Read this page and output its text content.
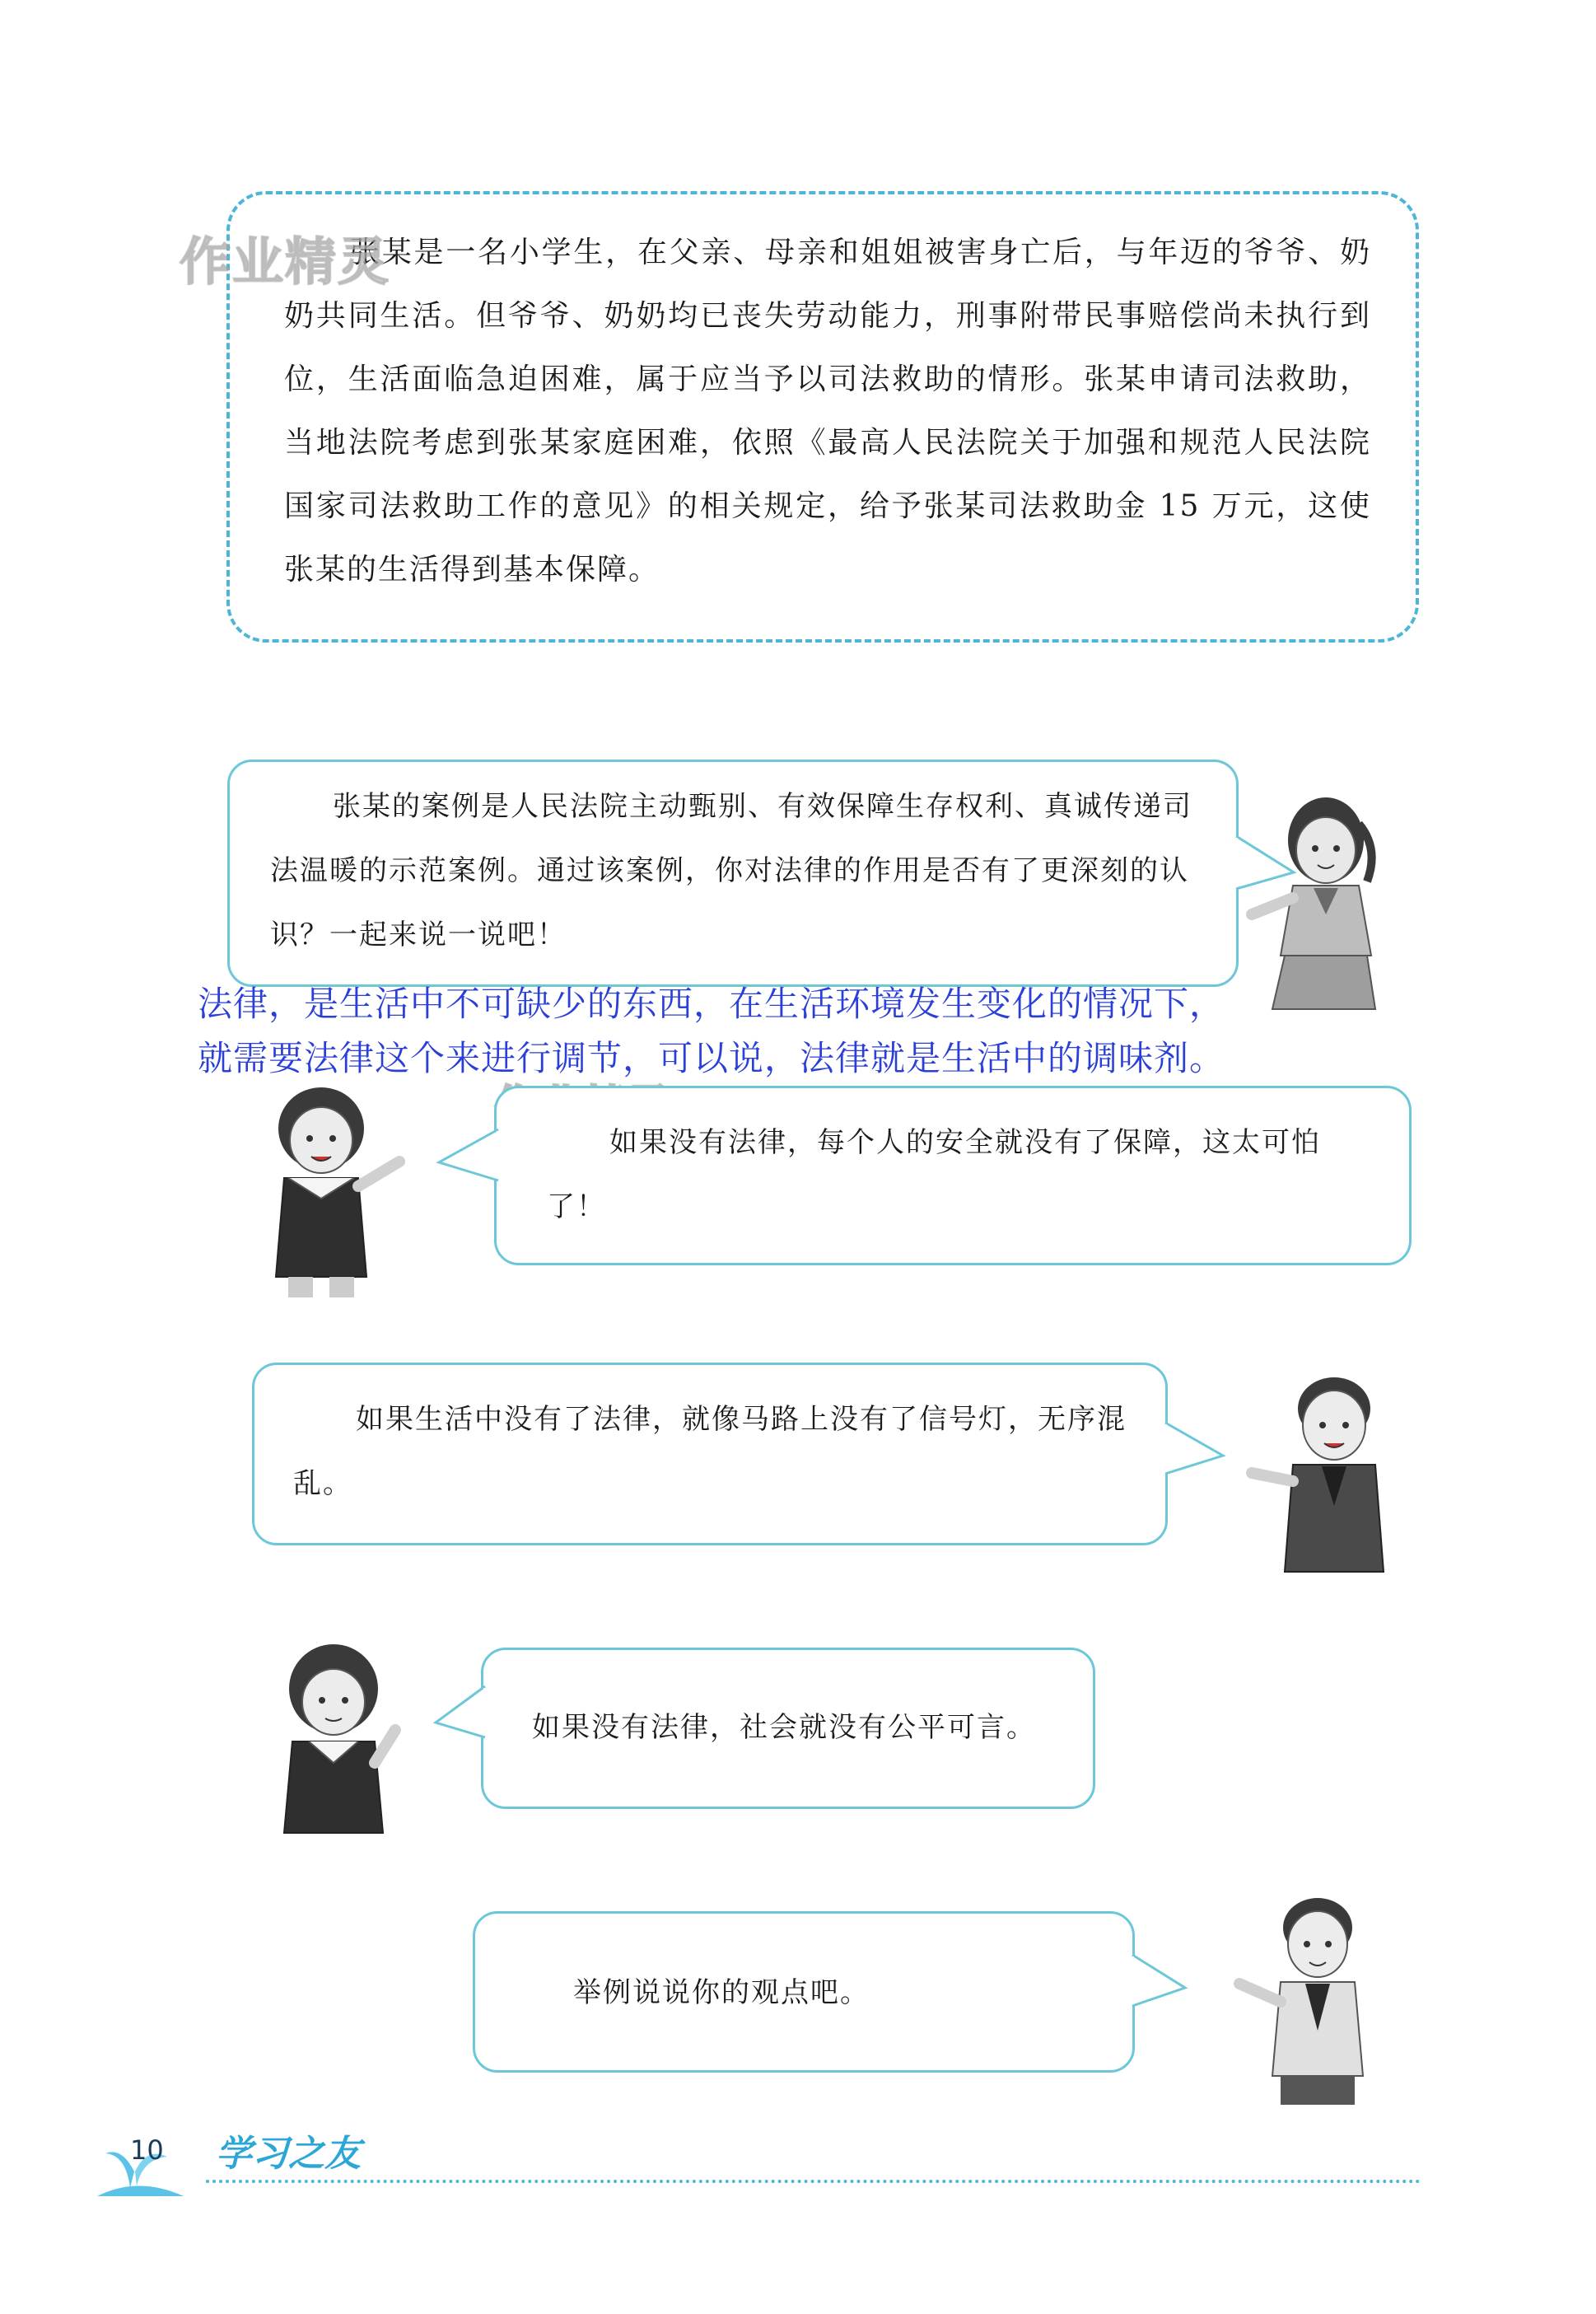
张某是一名小学生，在父亲、母亲和姐姐被害身亡后，与年迈的爷爷、奶奶共同生活。但爷爷、奶奶均已丧失劳动能力，刑事附带民事赔偿尚未执行到位，生活面临急迫困难，属于应当予以司法救助的情形。张某申请司法救助，当地法院考虑到张某家庭困难，依照《最高人民法院关于加强和规范人民法院国家司法救助工作的意见》的相关规定，给予张某司法救助金 15 万元，这使张某的生活得到基本保障。

作业精灵

张某的案例是人民法院主动甄别、有效保障生存权利、真诚传递司法温暖的示范案例。通过该案例，你对法律的作用是否有了更深刻的认识？一起来说一说吧！

法律，是生活中不可缺少的东西，在生活环境发生变化的情况下，
就需要法律这个来进行调节，可以说，法律就是生活中的调味剂。

如果没有法律，每个人的安全就没有了保障，这太可怕了！

如果生活中没有了法律，就像马路上没有了信号灯，无序混乱。

如果没有法律，社会就没有公平可言。

举例说说你的观点吧。

10 学习之友
